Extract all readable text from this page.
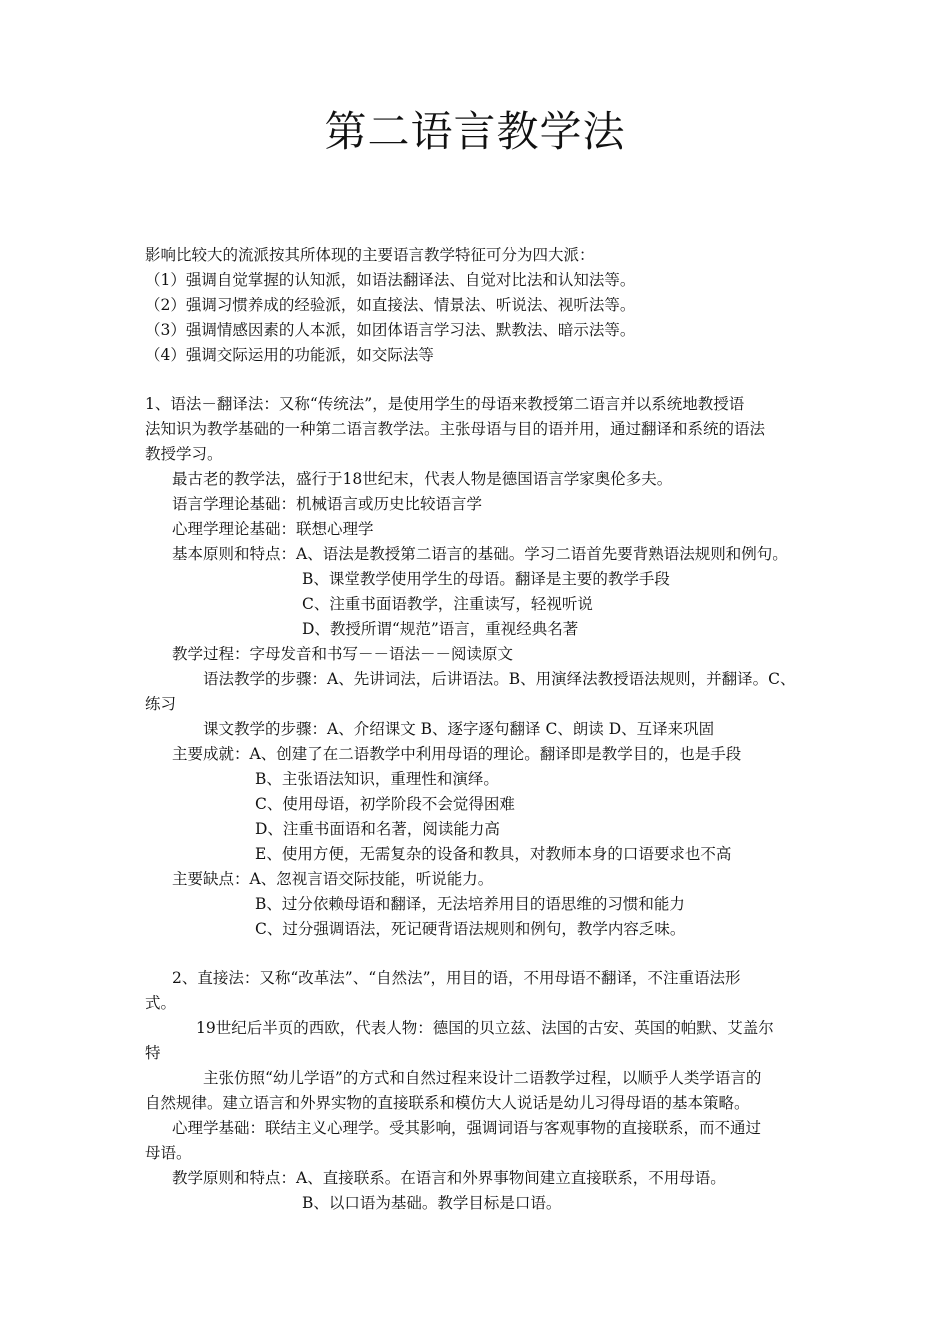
第二语言教学法

影响比较大的流派按其所体现的主要语言教学特征可分为四大派：

（1）强调自觉掌握的认知派，如语法翻译法、自觉对比法和认知法等。

（2）强调习惯养成的经验派，如直接法、情景法、听说法、视听法等。

（3）强调情感因素的人本派，如团体语言学习法、默教法、暗示法等。

（4）强调交际运用的功能派，如交际法等

1、语法－翻译法：又称“传统法”，是使用学生的母语来教授第二语言并以系统地教授语

法知识为教学基础的一种第二语言教学法。主张母语与目的语并用，通过翻译和系统的语法

教授学习。

最古老的教学法，盛行于18世纪末，代表人物是德国语言学家奥伦多夫。

语言学理论基础：机械语言或历史比较语言学

心理学理论基础：联想心理学

基本原则和特点：A、语法是教授第二语言的基础。学习二语首先要背熟语法规则和例句。

B、课堂教学使用学生的母语。翻译是主要的教学手段

C、注重书面语教学，注重读写，轻视听说

D、教授所谓“规范”语言，重视经典名著

教学过程：字母发音和书写－－语法－－阅读原文

语法教学的步骤：A、先讲词法，后讲语法。B、用演绎法教授语法规则，并翻译。C、

练习

课文教学的步骤：A、介绍课文 B、逐字逐句翻译 C、朗读 D、互译来巩固

主要成就：A、创建了在二语教学中利用母语的理论。翻译即是教学目的，也是手段

B、主张语法知识，重理性和演绎。

C、使用母语，初学阶段不会觉得困难

D、注重书面语和名著，阅读能力高

E、使用方便，无需复杂的设备和教具，对教师本身的口语要求也不高

主要缺点：A、忽视言语交际技能，听说能力。

B、过分依赖母语和翻译，无法培养用目的语思维的习惯和能力

C、过分强调语法，死记硬背语法规则和例句，教学内容乏味。

2、直接法：又称“改革法”、“自然法”，用目的语，不用母语不翻译，不注重语法形

式。

19世纪后半页的西欧，代表人物：德国的贝立兹、法国的古安、英国的帕默、艾盖尔

特

主张仿照“幼儿学语”的方式和自然过程来设计二语教学过程，以顺乎人类学语言的

自然规律。建立语言和外界实物的直接联系和模仿大人说话是幼儿习得母语的基本策略。

心理学基础：联结主义心理学。受其影响，强调词语与客观事物的直接联系，而不通过

母语。

教学原则和特点：A、直接联系。在语言和外界事物间建立直接联系，不用母语。

B、以口语为基础。教学目标是口语。
